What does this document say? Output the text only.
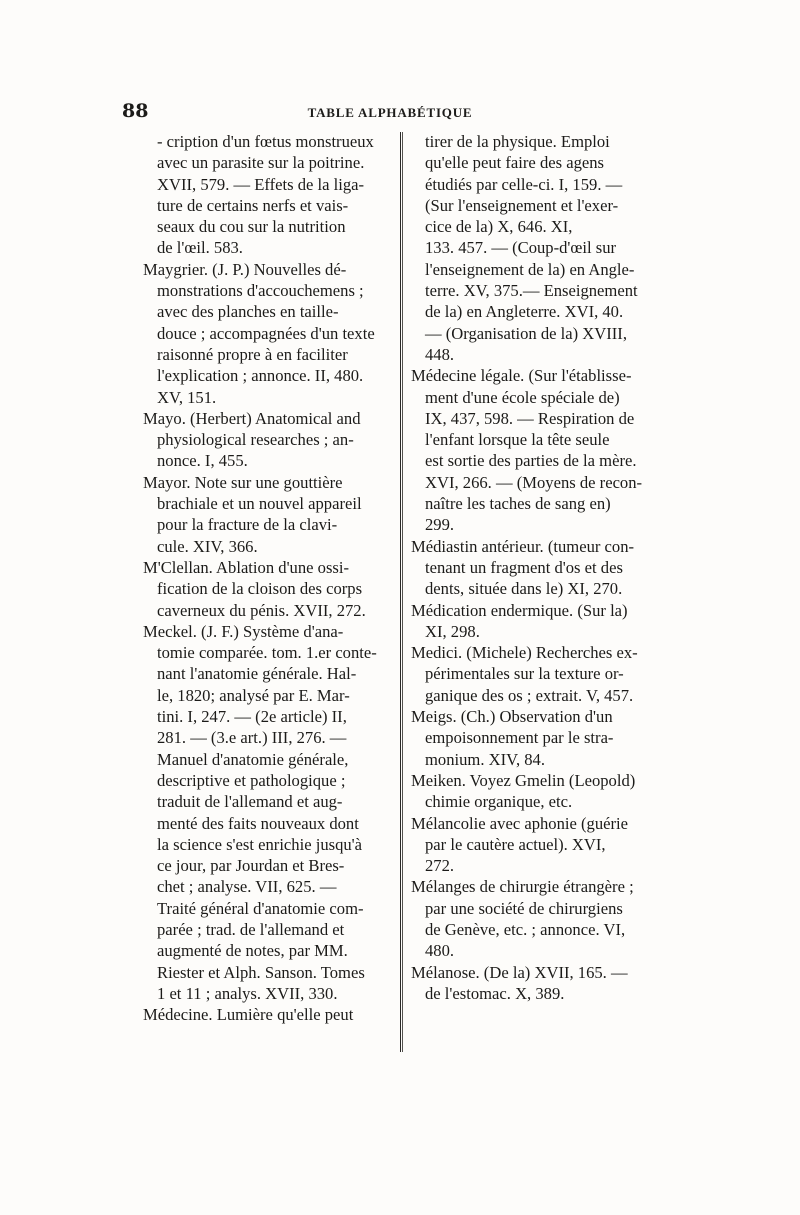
88	TABLE ALPHABÉTIQUE
- cription d'un fœtus monstrueux
avec un parasite sur la poitrine.
XVII, 579. — Effets de la liga-
ture de certains nerfs et vais-
seaux du cou sur la nutrition
de l'œil. 583.
Maygrier. (J. P.) Nouvelles dé-
monstrations d'accouchemens ;
avec des planches en taille-
douce ; accompagnées d'un texte
raisonné propre à en faciliter
l'explication ; annonce. II, 480.
XV, 151.
Mayo. (Herbert) Anatomical and
physiological researches ; an-
nonce. I, 455.
Mayor. Note sur une gouttière
brachiale et un nouvel appareil
pour la fracture de la clavi-
cule. XIV, 366.
M'Clellan. Ablation d'une ossi-
fication de la cloison des corps
caverneux du pénis. XVII, 272.
Meckel. (J. F.) Système d'ana-
tomie comparée. tom. 1.er conte-
nant l'anatomie générale. Hal-
le, 1820; analysé par E. Mar-
tini. I, 247. — (2e article) II,
281. — (3.e art.) III, 276. —
Manuel d'anatomie générale,
descriptive et pathologique ;
traduit de l'allemand et aug-
menté des faits nouveaux dont
la science s'est enrichie jusqu'à
ce jour, par Jourdan et Bres-
chet ; analyse. VII, 625. —
Traité général d'anatomie com-
parée ; trad. de l'allemand et
augmenté de notes, par MM.
Riester et Alph. Sanson. Tomes
1 et 11 ; analys. XVII, 330.
Médecine. Lumière qu'elle peut
tirer de la physique. Emploi
qu'elle peut faire des agens
étudiés par celle-ci. I, 159. —
(Sur l'enseignement et l'exer-
cice de la) X, 646. XI,
133. 457. — (Coup-d'œil sur
l'enseignement de la) en Angle-
terre. XV, 375.— Enseignement
de la) en Angleterre. XVI, 40.
— (Organisation de la) XVIII,
448.
Médecine légale. (Sur l'établisse-
ment d'une école spéciale de)
IX, 437, 598. — Respiration de
l'enfant lorsque la tête seule
est sortie des parties de la mère.
XVI, 266. — (Moyens de recon-
naître les taches de sang en)
299.
Médiastin antérieur. (tumeur con-
tenant un fragment d'os et des
dents, située dans le) XI, 270.
Médication endermique. (Sur la)
XI, 298.
Medici. (Michele) Recherches ex-
périmentales sur la texture or-
ganique des os ; extrait. V, 457.
Meigs. (Ch.) Observation d'un
empoisonnement par le stra-
monium. XIV, 84.
Meiken. Voyez Gmelin (Leopold)
chimie organique, etc.
Mélancolie avec aphonie (guérie
par le cautère actuel). XVI,
272.
Mélanges de chirurgie étrangère ;
par une société de chirurgiens
de Genève, etc. ; annonce. VI,
480.
Mélanose. (De la) XVII, 165. —
de l'estomac. X, 389.
